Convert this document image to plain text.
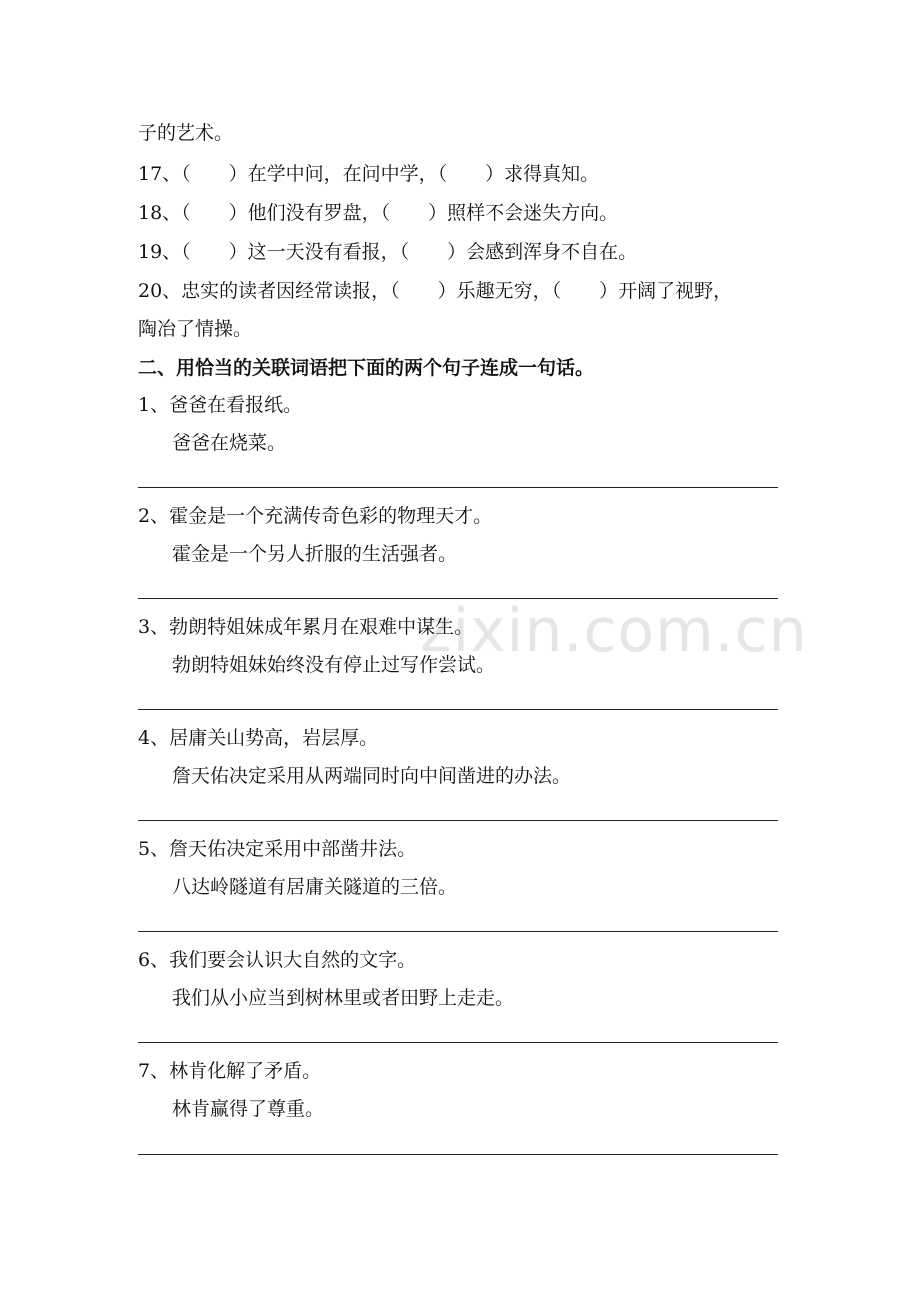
zixin.com.cn
子的艺术。
17、（　　）在学中问，在问中学，（　　）求得真知。
18、（　　）他们没有罗盘，（　　）照样不会迷失方向。
19、（　　）这一天没有看报，（　　）会感到浑身不自在。
20、忠实的读者因经常读报，（　　）乐趣无穷，（　　）开阔了视野，
陶冶了情操。
二、用恰当的关联词语把下面的两个句子连成一句话。
1、爸爸在看报纸。
爸爸在烧菜。
2、霍金是一个充满传奇色彩的物理天才。
霍金是一个另人折服的生活强者。
3、勃朗特姐妹成年累月在艰难中谋生。
勃朗特姐妹始终没有停止过写作尝试。
4、居庸关山势高，岩层厚。
詹天佑决定采用从两端同时向中间凿进的办法。
5、詹天佑决定采用中部凿井法。
八达岭隧道有居庸关隧道的三倍。
6、我们要会认识大自然的文字。
我们从小应当到树林里或者田野上走走。
7、林肯化解了矛盾。
林肯赢得了尊重。
